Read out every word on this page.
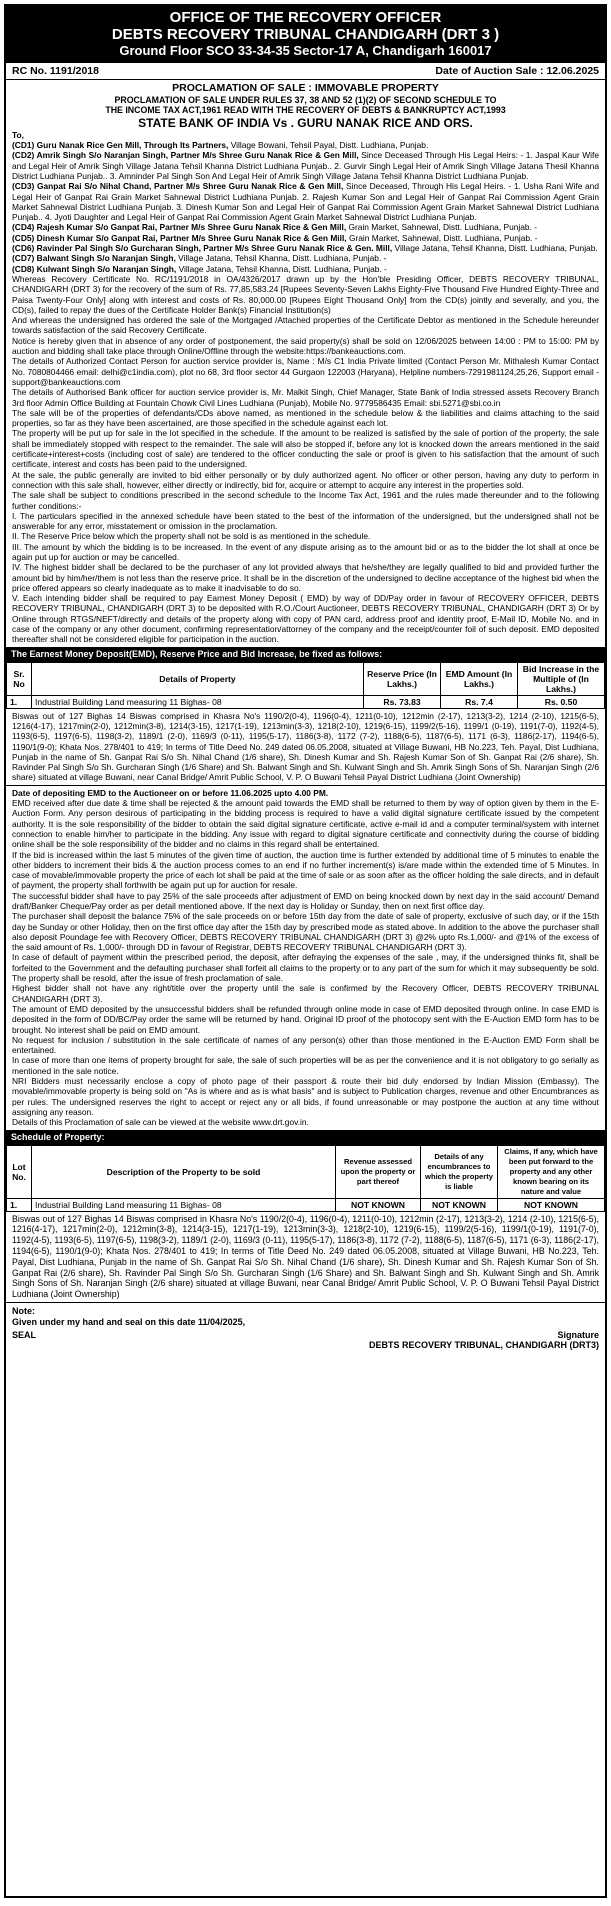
OFFICE OF THE RECOVERY OFFICER
DEBTS RECOVERY TRIBUNAL CHANDIGARH (DRT 3 )
Ground Floor SCO 33-34-35 Sector-17 A, Chandigarh 160017
RC No. 1191/2018	Date of Auction Sale : 12.06.2025
PROCLAMATION OF SALE : IMMOVABLE PROPERTY
PROCLAMATION OF SALE UNDER RULES 37, 38 AND 52 (1)(2) OF SECOND SCHEDULE TO
THE INCOME TAX ACT,1961 READ WITH THE RECOVERY OF DEBTS & BANKRUPTCY ACT,1993
STATE BANK OF INDIA Vs . GURU NANAK RICE AND ORS.

To,

(CD1) Guru Nanak Rice Gen Mill, Through Its Partners, Village Bowani, Tehsil Payal, Distt. Ludhiana, Punjab.

(CD2) Amrik Singh S/o Naranjan Singh, Partner M/s Shree Guru Nanak Rice & Gen Mill, Since Deceased Through His Legal Heirs: - 1. Jaspal Kaur Wife and Legal Heir of Amrik Singh Village Jatana Tehsil Khanna District Ludhiana Punjab.. 2. Gurvir Singh Legal Heir of Amrik Singh Village Jatana Thesil Khanna District Ludhiana Punjab.. 3. Amninder Pal Singh Son And Legal Heir of Amrik Singh Village Jatana Tehsil Khanna District Ludhiana Punjab.

(CD3) Ganpat Rai S/o Nihal Chand, Partner M/s Shree Guru Nanak Rice & Gen Mill, Since Deceased, Through His Legal Heirs. - 1. Usha Rani Wife and Legal Heir of Ganpat Rai Grain Market Sahnewal District Ludhiana Punjab. 2. Rajesh Kumar Son and Legal Heir of Ganpat Rai Commission Agent Grain Market Sahnewal District Ludhiana Punjab. 3. Dinesh Kumar Son and Legal Heir of Ganpat Rai Commission Agent Grain Market Sahnewal District Ludhiana Punjab.. 4. Jyoti Daughter and Legal Heir of Ganpat Rai Commission Agent Grain Market Sahnewal District Ludhiana Punjab.

(CD4) Rajesh Kumar S/o Ganpat Rai, Partner M/s Shree Guru Nanak Rice & Gen Mill, Grain Market, Sahnewal, Distt. Ludhiana, Punjab. -

(CD5) Dinesh Kumar S/o Ganpat Rai, Partner M/s Shree Guru Nanak Rice & Gen Mill, Grain Market, Sahnewal, Distt. Ludhiana, Punjab. -

(CD6) Ravinder Pal Singh S/o Gurcharan Singh, Partner M/s Shree Guru Nanak Rice & Gen. Mill, Village Jatana, Tehsil Khanna, Distt. Ludhiana, Punjab.

(CD7) Balwant Singh S/o Naranjan Singh, Village Jatana, Tehsil Khanna, Distt. Ludhiana, Punjab. -

(CD8) Kulwant Singh S/o Naranjan Singh, Village Jatana, Tehsil Khanna, Distt. Ludhiana, Punjab. -

Whereas Recovery Certificate No. RC/1191/2018 in OA/4326/2017 drawn up by the Hon'ble Presiding Officer, DEBTS RECOVERY TRIBUNAL, CHANDIGARH (DRT 3) for the recovery of the sum of Rs. 77,85,583.24 [Rupees Seventy-Seven Lakhs Eighty-Five Thousand Five Hundred Eighty-Three and Paisa Twenty-Four Only] along with interest and costs of Rs. 80,000.00 [Rupees Eight Thousand Only] from the CD(s) jointly and severally, and you, the CD(s), failed to repay the dues of the Certificate Holder Bank(s) Financial Institution(s)

And whereas the undersigned has ordered the sale of the Mortgaged /Attached properties of the Certificate Debtor as mentioned in the Schedule hereunder towards satisfaction of the said Recovery Certificate.

Notice is hereby given that in absence of any order of postponement, the said property(s) shall be sold on 12/06/2025 between 14:00 : PM to 15:00: PM by auction and bidding shall take place through Online/Offline through the website:https://bankeauctions.com.

The details of Authorized Contact Person for auction service provider is, Name : M/s C1 India Private limited (Contact Person Mr. Mithalesh Kumar Contact No. 7080804466 email: delhi@c1india.com), plot no 68, 3rd floor sector 44 Gurgaon 122003 (Haryana), Helpline numbers-7291981124,25,26, Support email -support@bankeauctions.com

The details of Authorised Bank officer for auction service provider is, Mr. Malkit Singh, Chief Manager, State Bank of India stressed assets Recovery Branch 3rd floor Admin Office Building at Fountain Chowk Civil Lines Ludhiana (Punjab), Mobile No. 9779586435 Email: sbi.5271@sbi.co.in

The sale will be of the properties of defendants/CDs above named, as mentioned in the schedule below & the liabilities and claims attaching to the said properties, so far as they have been ascertained, are those specified in the schedule against each lot.

The property will be put up for sale in the lot specified in the schedule. If the amount to be realized is satisfied by the sale of portion of the property, the sale shall be immediately stopped with respect to the remainder. The sale will also be stopped if, before any lot is knocked down the arrears mentioned in the said certificate+interest+costs (including cost of sale) are tendered to the officer conducting the sale or proof is given to his satisfaction that the amount of such certificate, interest and costs has been paid to the undersigned.

At the sale, the public generally are invited to bid either personally or by duly authorized agent. No officer or other person, having any duty to perform in connection with this sale shall, however, either directly or indirectly, bid for, acquire or attempt to acquire any interest in the properties sold.

The sale shall be subject to conditions prescribed in the second schedule to the Income Tax Act, 1961 and the rules made thereunder and to the following further conditions:-

I. The particulars specified in the annexed schedule have been stated to the best of the information of the undersigned, but the undersigned shall not be answerable for any error, misstatement or omission in the proclamation.

II. The Reserve Price below which the property shall not be sold is as mentioned in the schedule.

III. The amount by which the bidding is to be increased. In the event of any dispute arising as to the amount bid or as to the bidder the lot shall at once be again put up for auction or may be cancelled.

IV. The highest bidder shall be declared to be the purchaser of any lot provided always that he/she/they are legally qualified to bid and provided further the amount bid by him/her/them is not less than the reserve price. It shall be in the discretion of the undersigned to decline acceptance of the highest bid when the price offered appears so clearly inadequate as to make it inadvisable to do so.

V. Each intending bidder shall be required to pay Earnest Money Deposit ( EMD) by way of DD/Pay order in favour of RECOVERY OFFICER, DEBTS RECOVERY TRIBUNAL, CHANDIGARH (DRT 3) to be deposited with R.O./Court Auctioneer, DEBTS RECOVERY TRIBUNAL, CHANDIGARH (DRT 3) Or by Online through RTGS/NEFT/directly and details of the property along with copy of PAN card, address proof and identity proof, E-Mail ID, Mobile No. and in case of the company or any other document, confirming representation/attorney of the company and the receipt/counter foil of such deposit. EMD deposited thereafter shall not be considered eligible for participation in the auction.

The Earnest Money Deposit(EMD), Reserve Price and Bid Increase, be fixed as follows:
Sr. No	Details of Property	Reserve Price (In Lakhs.)	EMD Amount (In Lakhs.)	Bid Increase in the Multiple of (In Lakhs.)
1.	Industrial Building Land measuring 11 Bighas- 08	Rs. 73.83	Rs. 7.4	Rs. 0.50

Biswas out of 127 Bighas 14 Biswas comprised in Khasra No's 1190/2(0-4), 1196(0-4), 1211(0-10), 1212min (2-17), 1213(3-2), 1214 (2-10), 1215(6-5), 1216(4-17), 1217min(2-0), 1212min(3-8), 1214(3-15), 1217(1-19), 1213min(3-3), 1218(2-10), 1219(6-15), 1199/2(5-16), 1199/1 (0-19), 1191(7-0), 1192(4-5), 1193(6-5), 1197(6-5), 1198(3-2), 1189/1 (2-0), 1169/3 (0-11), 1195(5-17), 1186(3-8), 1172 (7-2), 1188(6-5), 1187(6-5), 1171 (6-3), 1186(2-17), 1194(6-5), 1190/1(9-0); Khata Nos. 278/401 to 419; In terms of Title Deed No. 249 dated 06.05.2008, situated at Village Buwani, HB No.223, Teh. Payal, Dist Ludhiana, Punjab in the name of Sh. Ganpat Rai S/o Sh. Nihal Chand (1/6 share), Sh. Dinesh Kumar and Sh. Rajesh Kumar Son of Sh. Ganpat Rai (2/6 share), Sh. Ravinder Pal Singh S/o Sh. Gurcharan Singh (1/6 Share) and Sh. Balwant Singh and Sh. Kulwant Singh and Sh. Amrik Singh Sons of Sh. Naranjan Singh (2/6 share) situated at village Buwani, near Canal Bridge/ Amrit Public School, V. P. O Buwani Tehsil Payal District Ludhiana (Joint Ownership)

Date of depositing EMD to the Auctioneer on or before 11.06.2025 upto 4.00 PM.

EMD received after due date & time shall be rejected & the amount paid towards the EMD shall be returned to them by way of option given by them in the E-Auction Form. Any person desirous of participating in the bidding process is required to have a valid digital signature certificate issued by the competent authority. It is the sole responsibility of the bidder to obtain the said digital signature certificate, active e-mail id and a computer terminal/system with internet connection to enable him/her to participate in the bidding. Any issue with regard to digital signature certificate and connectivity during the course of bidding online shall be the sole responsibility of the bidder and no claims in this regard shall be entertained.

If the bid is increased within the last 5 minutes of the given time of auction, the auction time is further extended by additional time of 5 minutes to enable the other bidders to increment their bids & the auction process comes to an end if no further increment(s) is/are made within the extended time of 5 Minutes. In case of movable/immovable property the price of each lot shall be paid at the time of sale or as soon after as the officer holding the sale directs, and in default of payment, the property shall forthwith be again put up for auction for resale.

The successful bidder shall have to pay 25% of the sale proceeds after adjustment of EMD on being knocked down by next day in the said account/ Demand draft/Banker Cheque/Pay order as per detail mentioned above. If the next day is Holiday or Sunday, then on next first office day.

The purchaser shall deposit the balance 75% of the sale proceeds on or before 15th day from the date of sale of property, exclusive of such day, or if the 15th day be Sunday or other Holiday, then on the first office day after the 15th day by prescribed mode as stated above. In addition to the above the purchaser shall also deposit Poundage fee with Recovery Officer, DEBTS RECOVERY TRIBUNAL CHANDIGARH (DRT 3) @2% upto Rs.1,000/- and @1% of the excess of the said amount of Rs. 1,000/- through DD in favour of Registrar, DEBTS RECOVERY TRIBUNAL CHANDIGARH (DRT 3).

In case of default of payment within the prescribed period, the deposit, after defraying the expenses of the sale , may, if the undersigned thinks fit, shall be forfeited to the Government and the defaulting purchaser shall forfeit all claims to the property or to any part of the sum for which it may subsequently be sold. The property shall be resold, after the issue of fresh proclamation of sale.

Highest bidder shall not have any right/title over the property until the sale is confirmed by the Recovery Officer, DEBTS RECOVERY TRIBUNAL CHANDIGARH (DRT 3).

The amount of EMD deposited by the unsuccessful bidders shall be refunded through online mode in case of EMD deposited through online. In case EMD is deposited in the form of DD/BC/Pay order the same will be returned by hand. Original ID proof of the photocopy sent with the E-Auction EMD form has to be brought. No interest shall be paid on EMD amount.

No request for inclusion / substitution in the sale certificate of names of any person(s) other than those mentioned in the E-Auction EMD Form shall be entertained.

In case of more than one items of property brought for sale, the sale of such properties will be as per the convenience and it is not obligatory to go serially as mentioned in the sale notice.

NRI Bidders must necessarily enclose a copy of photo page of their passport & route their bid duly endorsed by Indian Mission (Embassy). The movable/immovable property is being sold on "As is where and as is what basis" and is subject to Publication charges, revenue and other Encumbrances as per rules. The undersigned reserves the right to accept or reject any or all bids, if found unreasonable or may postpone the auction at any time without assigning any reason.

Details of this Proclamation of sale can be viewed at the website www.drt.gov.in.

Schedule of Property:
Lot No.	Description of the Property to be sold	Revenue assessed upon the property or part thereof	Details of any encumbrances to which the property is liable	Claims, If any, which have been put forward to the property and any other known bearing on its nature and value
1.	Industrial Building Land measuring 11 Bighas- 08	NOT KNOWN	NOT KNOWN	NOT KNOWN

Biswas out of 127 Bighas 14 Biswas comprised in Khasra No's 1190/2(0-4), 1196(0-4), 1211(0-10), 1212min (2-17), 1213(3-2), 1214 (2-10), 1215(6-5), 1216(4-17), 1217min(2-0), 1212min(3-8), 1214(3-15), 1217(1-19), 1213min(3-3), 1218(2-10), 1219(6-15), 1199/2(5-16), 1199/1(0-19), 1191(7-0), 1192(4-5), 1193(6-5), 1197(6-5), 1198(3-2), 1189/1 (2-0), 1169/3 (0-11), 1195(5-17), 1186(3-8), 1172 (7-2), 1188(6-5), 1187(6-5), 1171 (6-3), 1186(2-17), 1194(6-5), 1190/1(9-0); Khata Nos. 278/401 to 419; In terms of Title Deed No. 249 dated 06.05.2008, situated at Village Buwani, HB No.223, Teh. Payal, Dist Ludhiana, Punjab in the name of Sh. Ganpat Rai S/o Sh. Nihal Chand (1/6 share), Sh. Dinesh Kumar and Sh. Rajesh Kumar Son of Sh. Ganpat Rai (2/6 share), Sh. Ravinder Pal Singh S/o Sh. Gurcharan Singh (1/6 Share) and Sh. Balwant Singh and Sh. Kulwant Singh and Sh. Amrik Singh Sons of Sh. Naranjan Singh (2/6 share) situated at village Buwani, near Canal Bridge/ Amrit Public School, V. P. O Buwani Tehsil Payal District Ludhiana (Joint Ownership)

Note:

Given under my hand and seal on this date 11/04/2025,

SEAL	Signature
DEBTS RECOVERY TRIBUNAL, CHANDIGARH (DRT3)
